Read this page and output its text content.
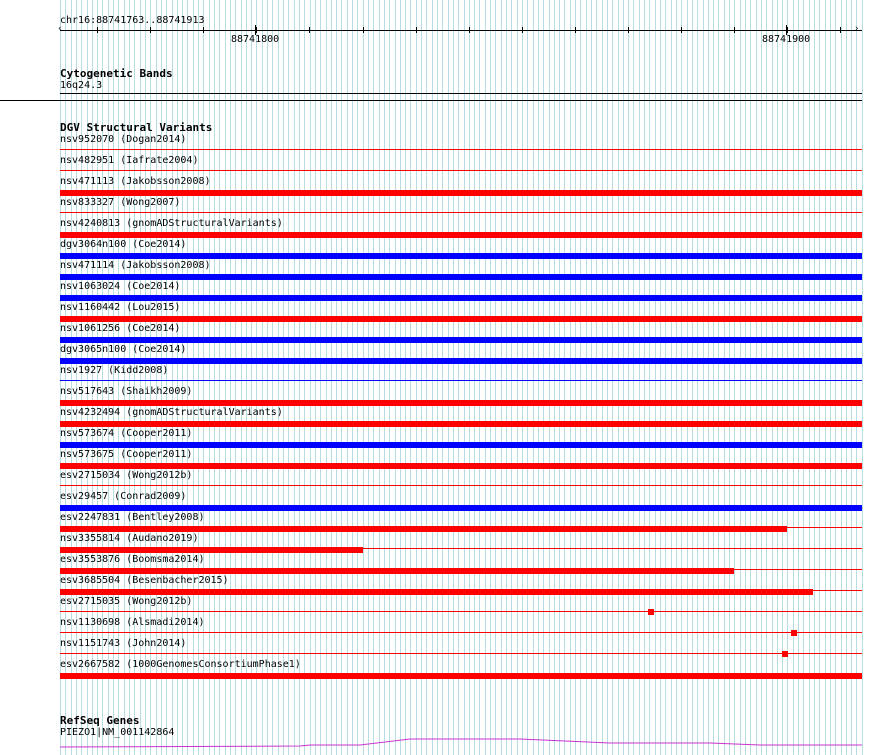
chr16:88741763..88741913
‹	›
88741800	88741900
Cytogenetic Bands
16q24.3
DGV Structural Variants
nsv952070 (Dogan2014)
nsv482951 (Iafrate2004)
nsv471113 (Jakobsson2008)
nsv833327 (Wong2007)
nsv4240813 (gnomADStructuralVariants)
dgv3064n100 (Coe2014)
nsv471114 (Jakobsson2008)
nsv1063024 (Coe2014)
nsv1160442 (Lou2015)
nsv1061256 (Coe2014)
dgv3065n100 (Coe2014)
nsv1927 (Kidd2008)
nsv517643 (Shaikh2009)
nsv4232494 (gnomADStructuralVariants)
nsv573674 (Cooper2011)
nsv573675 (Cooper2011)
esv2715034 (Wong2012b)
esv29457 (Conrad2009)
esv2247831 (Bentley2008)
nsv3355814 (Audano2019)
esv3553876 (Boomsma2014)
esv3685504 (Besenbacher2015)
esv2715035 (Wong2012b)
nsv1130698 (Alsmadi2014)
nsv1151743 (John2014)
esv2667582 (1000GenomesConsortiumPhase1)
RefSeq Genes
PIEZO1|NM_001142864
